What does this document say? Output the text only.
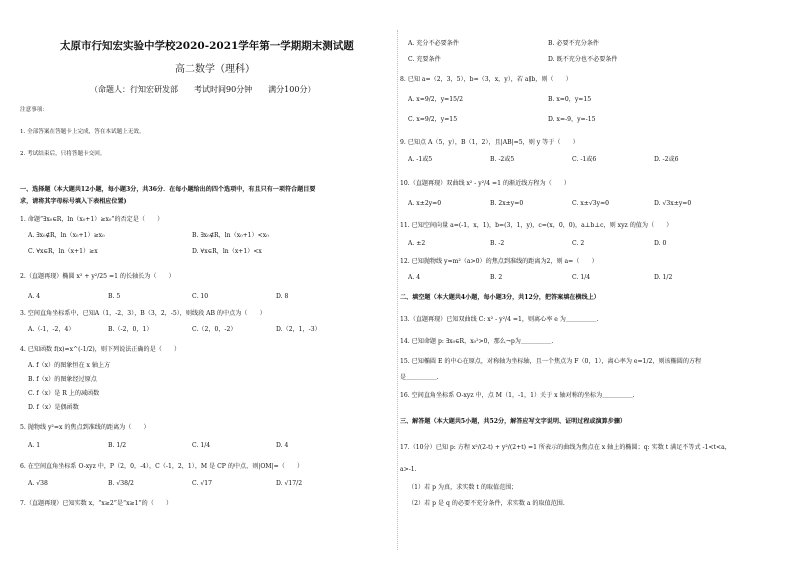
太原市行知宏实验中学校2020-2021学年第一学期期末测试题
高二数学（理科）
（命题人：行知宏研发部　　考试时间90分钟　　满分100分）
注意事项：
1. 全部答案在答题卡上完成，答在本试题上无效。
2. 考试结束后，只将答题卡交回。
一、选择题（本大题共12小题，每小题3分，共36分．在每小题给出的四个选项中，有且只有一项符合题目要
求，请将其字母标号填入下表相应位置)
1. 命题“∃x₀∈R，ln（x₀+1）≥x₀”的否定是（　　）
A. ∃x₀∉R，ln（x₀+1）≥x₀	B. ∃x₀∉R，ln（x₀+1）<x₀
C. ∀x∈R，ln（x+1）≥x	D. ∀x∈R，ln（x+1）<x
2.（直题再现）椭圆 x² + y²/25 =1 的长轴长为（　　）
A. 4	B. 5	C. 10	D. 8
3. 空间直角坐标系中，已知A（1，-2，3），B（3，2，-5），则线段 AB 的中点为（　　）
A.（-1，-2，4）	B.（-2，0，1）	C.（2，0，-2）	D.（2，1，-3）
4. 已知函数 f(x)=x^(-1/2)，则下列说法正确的是（　　）
A. f（x）的图象恒在 x 轴上方
B. f（x）的图象经过原点
C. f（x）是 R 上的减函数
D. f（x）是偶函数
5. 抛物线 y²=x 的焦点到准线的距离为（　　）
A. 1	B. 1/2	C. 1/4	D. 4
6. 在空间直角坐标系 O-xyz 中，P（2，0，-4），C（-1，2，1），M 是 CP 的中点，则|OM|=（　　）
A. √38	B. √38/2	C. √17	D. √17/2
7.（直题再现）已知实数 x，“x≥2”是“x≥1”的（　　）
A. 充分不必要条件	B. 必要不充分条件
C. 充要条件	D. 既不充分也不必要条件
8. 已知 a=（2，3，5），b=（3，x，y），若 a∥b，则（　　）
A. x=9/2，y=15/2	B. x=0，y=15
C. x=9/2，y=15	D. x=-9，y=-15
9. 已知点 A（5，y），B（1，2），且|AB|=5，则 y 等于（　　）
A. -1或5	B. -2或5	C. -1或6	D. -2或6
10.（直题再现）双曲线 x² - y²/4 =1 的渐近线方程为（　　）
A. x±2y=0	B. 2x±y=0	C. x±√3y=0	D. √3x±y=0
11. 已知空间向量 a=(-1，x，1)，b=(3，1，y)，c=(x，0，0)，a⊥b⊥c，则 xyz 的值为（　　）
A. ±2	B. -2	C. 2	D. 0
12. 已知抛物线 y=m²（a>0）的焦点到准线的距离为2，则 a=（　　）
A. 4	B. 2	C. 1/4	D. 1/2
二、填空题（本大题共4小题，每小题3分，共12分，把答案填在横线上）
13.（直题再现）已知双曲线 C: x² - y²/4 =1，则离心率 e 为＿＿＿＿＿.
14. 已知命题 p: ∃x₀∈R，x₀²>0，那么¬p为＿＿＿＿＿.
15. 已知椭圆 E 的中心在原点，对称轴为坐标轴，且一个焦点为 F（0，1），离心率为 e=1/2，则该椭圆的方程
是＿＿＿＿＿.
16. 空间直角坐标系 O-xyz 中，点 M（1，-1，1）关于 x 轴对称的坐标为＿＿＿＿＿.
三、解答题（本大题共5小题，共52分，解答应写文字说明、证明过程或演算步骤）
17.（10分）已知 p: 方程 x²/(2-t) + y²/(2+t) =1 所表示的曲线为焦点在 x 轴上的椭圆；q: 实数 t 满足不等式 -1<t<a，
a>-1.
（1）若 p 为真，求实数 t 的取值范围；
（2）若 p 是 q 的必要不充分条件，求实数 a 的取值范围.
